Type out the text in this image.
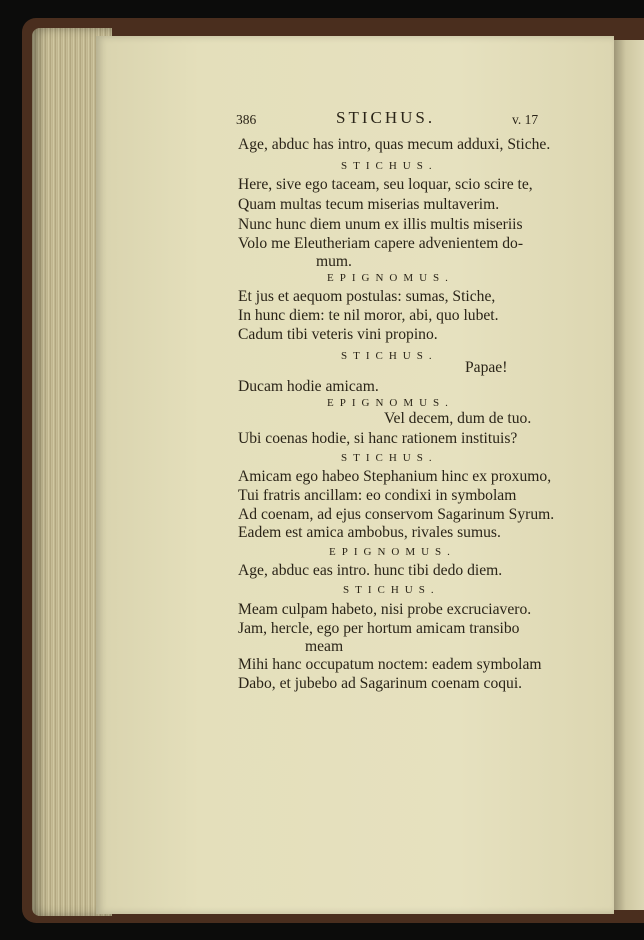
386	STICHUS.	v. 17
Age, abduc has intro, quas mecum adduxi, Stiche.
STICHUS.
Here, sive ego taceam, seu loquar, scio scire te,
Quam multas tecum miserias multaverim.
Nunc hunc diem unum ex illis multis miseriis
Volo me Eleutheriam capere advenientem do-
mum.
EPIGNOMUS.
Et jus et aequom postulas: sumas, Stiche,
In hunc diem: te nil moror, abi, quo lubet.
Cadum tibi veteris vini propino.
STICHUS.
Papae!
Ducam hodie amicam.
EPIGNOMUS.
Vel decem, dum de tuo.
Ubi coenas hodie, si hanc rationem instituis?
STICHUS.
Amicam ego habeo Stephanium hinc ex proxumo,
Tui fratris ancillam: eo condixi in symbolam
Ad coenam, ad ejus conservom Sagarinum Syrum.
Eadem est amica ambobus, rivales sumus.
EPIGNOMUS.
Age, abduc eas intro. hunc tibi dedo diem.
STICHUS.
Meam culpam habeto, nisi probe excruciavero.
Jam, hercle, ego per hortum amicam transibo
meam
Mihi hanc occupatum noctem: eadem symbolam
Dabo, et jubebo ad Sagarinum coenam coqui.
